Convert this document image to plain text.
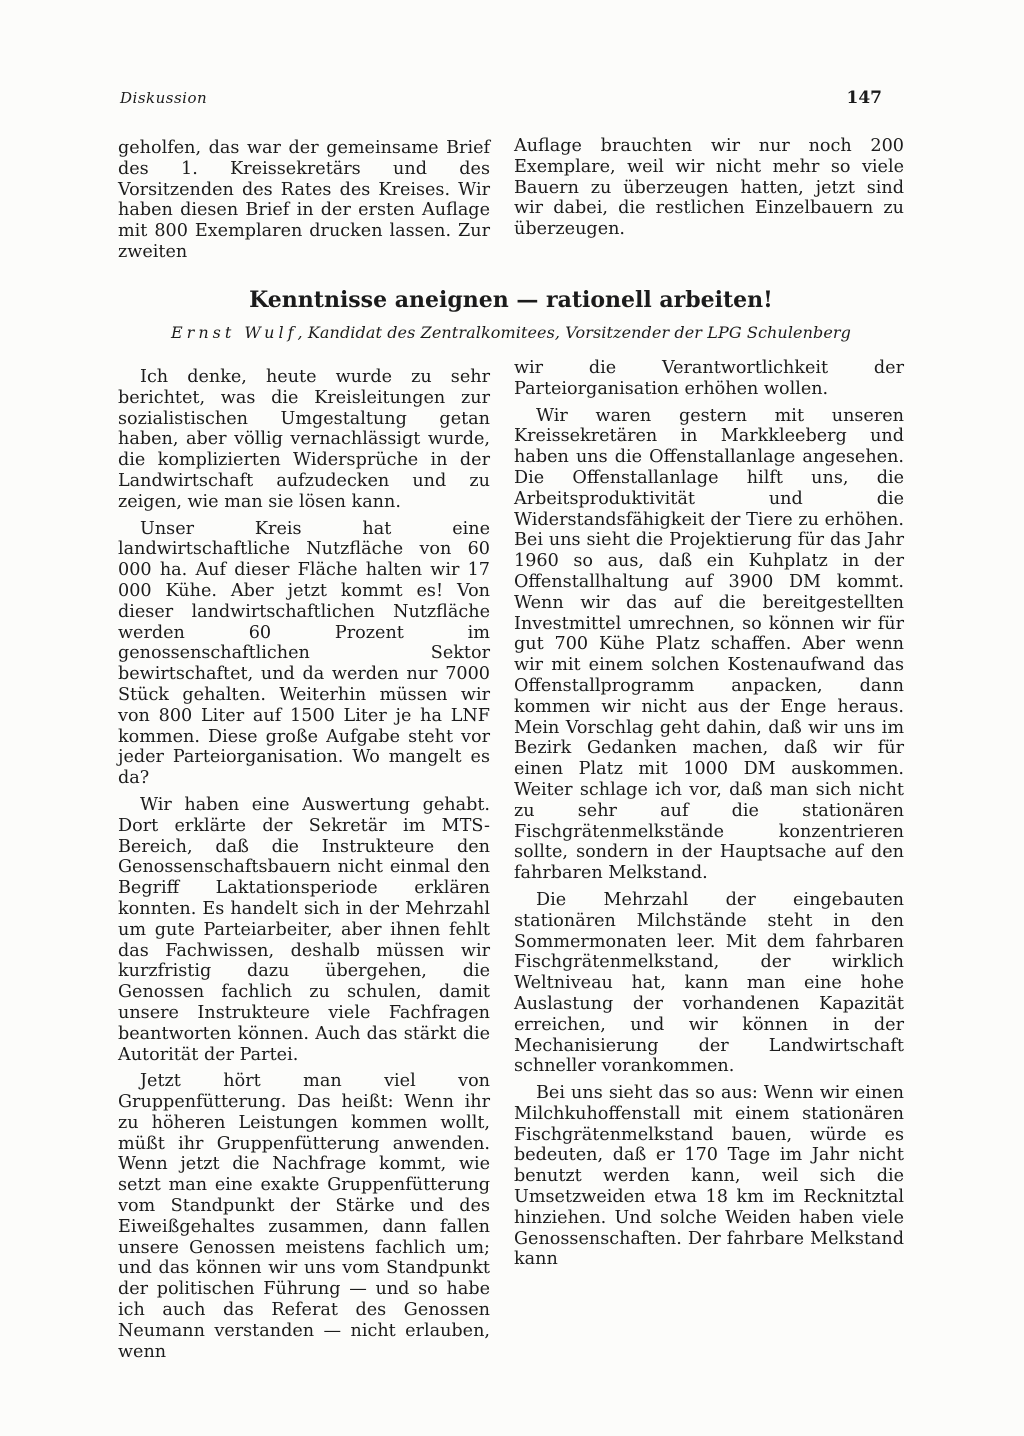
Diskussion	147

geholfen, das war der gemeinsame Brief des 1. Kreissekretärs und des Vorsitzenden des Rates des Kreises. Wir haben diesen Brief in der ersten Auflage mit 800 Exemplaren drucken lassen. Zur zweiten

Auflage brauchten wir nur noch 200 Exemplare, weil wir nicht mehr so viele Bauern zu überzeugen hatten, jetzt sind wir dabei, die restlichen Einzelbauern zu überzeugen.

Kenntnisse aneignen — rationell arbeiten!
Ernst Wulf, Kandidat des Zentralkomitees, Vorsitzender der LPG Schulenberg

Ich denke, heute wurde zu sehr berichtet, was die Kreisleitungen zur sozialistischen Umgestaltung getan haben, aber völlig vernachlässigt wurde, die komplizierten Widersprüche in der Landwirtschaft aufzudecken und zu zeigen, wie man sie lösen kann.

Unser Kreis hat eine landwirtschaftliche Nutzfläche von 60 000 ha. Auf dieser Fläche halten wir 17 000 Kühe. Aber jetzt kommt es! Von dieser landwirtschaftlichen Nutzfläche werden 60 Prozent im genossenschaftlichen Sektor bewirtschaftet, und da werden nur 7000 Stück gehalten. Weiterhin müssen wir von 800 Liter auf 1500 Liter je ha LNF kommen. Diese große Aufgabe steht vor jeder Parteiorganisation. Wo mangelt es da?

Wir haben eine Auswertung gehabt. Dort erklärte der Sekretär im MTS-Bereich, daß die Instrukteure den Genossenschaftsbauern nicht einmal den Begriff Laktationsperiode erklären konnten. Es handelt sich in der Mehrzahl um gute Parteiarbeiter, aber ihnen fehlt das Fachwissen, deshalb müssen wir kurzfristig dazu übergehen, die Genossen fachlich zu schulen, damit unsere Instrukteure viele Fachfragen beantworten können. Auch das stärkt die Autorität der Partei.

Jetzt hört man viel von Gruppenfütterung. Das heißt: Wenn ihr zu höheren Leistungen kommen wollt, müßt ihr Gruppenfütterung anwenden. Wenn jetzt die Nachfrage kommt, wie setzt man eine exakte Gruppenfütterung vom Standpunkt der Stärke und des Eiweißgehaltes zusammen, dann fallen unsere Genossen meistens fachlich um; und das können wir uns vom Standpunkt der politischen Führung — und so habe ich auch das Referat des Genossen Neumann verstanden — nicht erlauben, wenn

wir die Verantwortlichkeit der Parteiorganisation erhöhen wollen.

Wir waren gestern mit unseren Kreissekretären in Markkleeberg und haben uns die Offenstallanlage angesehen. Die Offenstallanlage hilft uns, die Arbeitsproduktivität und die Widerstandsfähigkeit der Tiere zu erhöhen. Bei uns sieht die Projektierung für das Jahr 1960 so aus, daß ein Kuhplatz in der Offenstallhaltung auf 3900 DM kommt. Wenn wir das auf die bereitgestellten Investmittel umrechnen, so können wir für gut 700 Kühe Platz schaffen. Aber wenn wir mit einem solchen Kostenaufwand das Offenstallprogramm anpacken, dann kommen wir nicht aus der Enge heraus. Mein Vorschlag geht dahin, daß wir uns im Bezirk Gedanken machen, daß wir für einen Platz mit 1000 DM auskommen. Weiter schlage ich vor, daß man sich nicht zu sehr auf die stationären Fischgrätenmelkstände konzentrieren sollte, sondern in der Hauptsache auf den fahrbaren Melkstand.

Die Mehrzahl der eingebauten stationären Milchstände steht in den Sommermonaten leer. Mit dem fahrbaren Fischgrätenmelkstand, der wirklich Weltniveau hat, kann man eine hohe Auslastung der vorhandenen Kapazität erreichen, und wir können in der Mechanisierung der Landwirtschaft schneller vorankommen.

Bei uns sieht das so aus: Wenn wir einen Milchkuhoffenstall mit einem stationären Fischgrätenmelkstand bauen, würde es bedeuten, daß er 170 Tage im Jahr nicht benutzt werden kann, weil sich die Umsetzweiden etwa 18 km im Recknitztal hinziehen. Und solche Weiden haben viele Genossenschaften. Der fahrbare Melkstand kann
